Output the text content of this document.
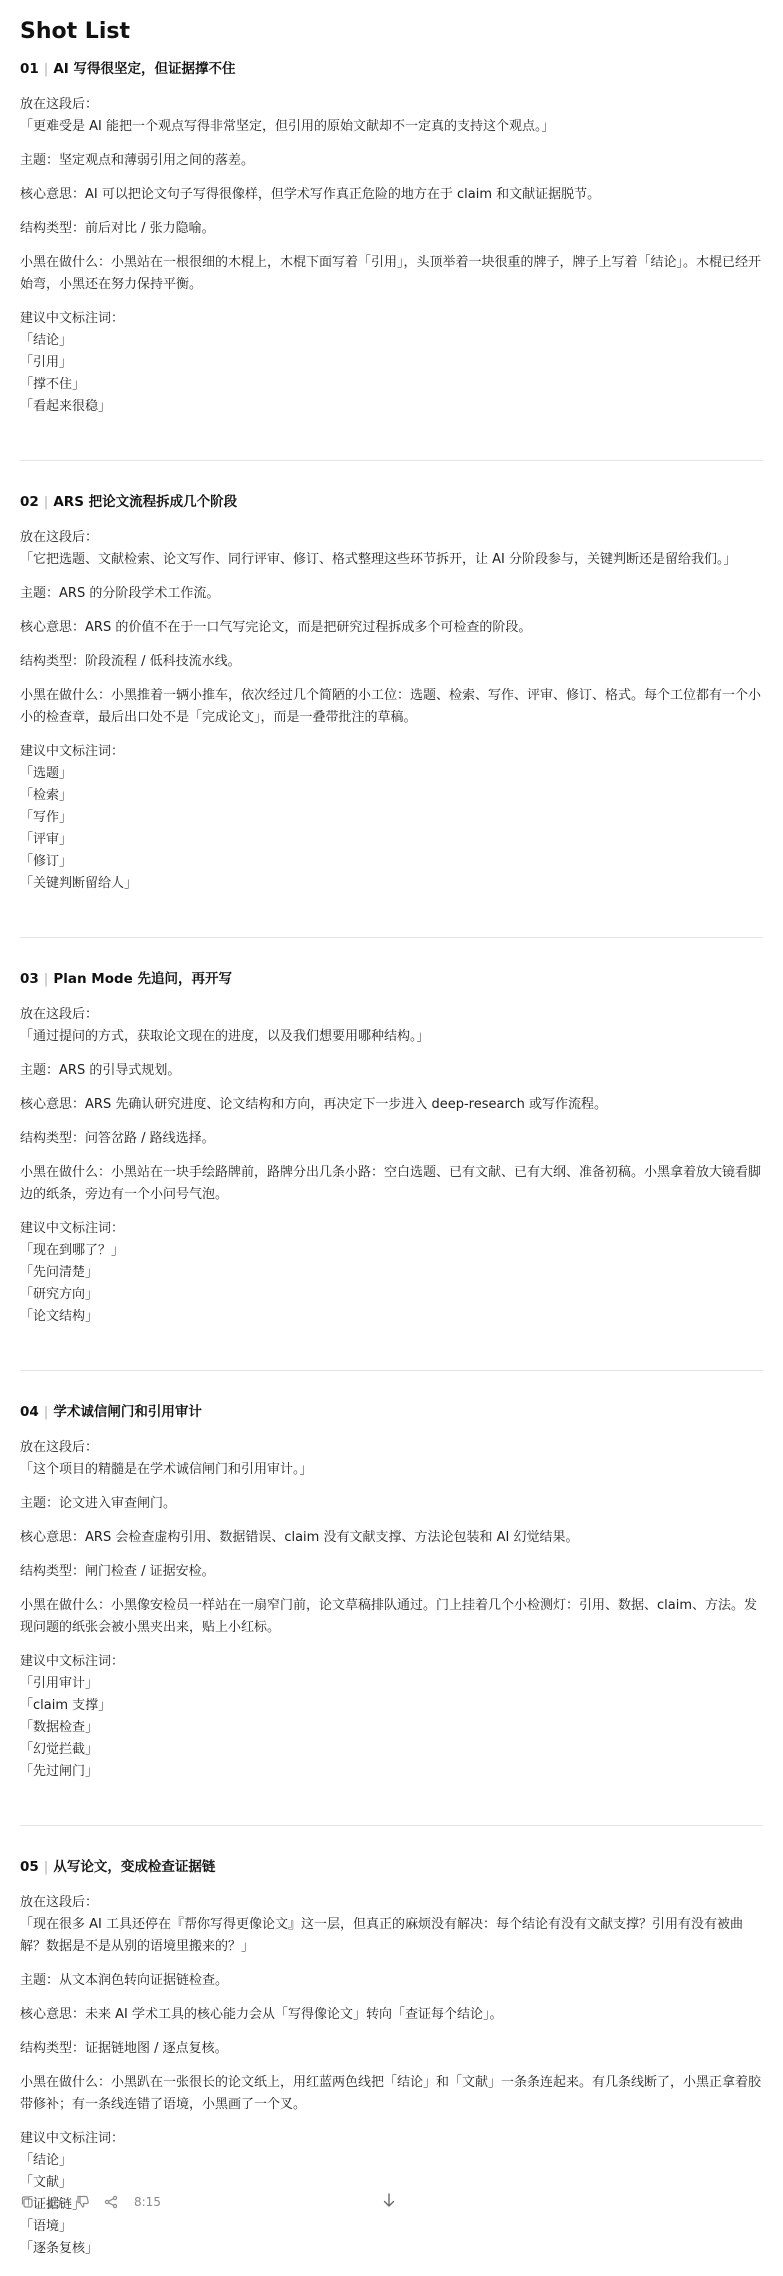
Shot List
01 | AI 写得很坚定，但证据撑不住
放在这段后：
「更难受是 AI 能把一个观点写得非常坚定，但引用的原始文献却不一定真的支持这个观点。」
主题：坚定观点和薄弱引用之间的落差。
核心意思：AI 可以把论文句子写得很像样，但学术写作真正危险的地方在于 claim 和文献证据脱节。
结构类型：前后对比 / 张力隐喻。
小黑在做什么：小黑站在一根很细的木棍上，木棍下面写着「引用」，头顶举着一块很重的牌子，牌子上写着「结论」。木棍已经开始弯，小黑还在努力保持平衡。
建议中文标注词：
「结论」
「引用」
「撑不住」
「看起来很稳」
02 | ARS 把论文流程拆成几个阶段
放在这段后：
「它把选题、文献检索、论文写作、同行评审、修订、格式整理这些环节拆开，让 AI 分阶段参与，关键判断还是留给我们。」
主题：ARS 的分阶段学术工作流。
核心意思：ARS 的价值不在于一口气写完论文，而是把研究过程拆成多个可检查的阶段。
结构类型：阶段流程 / 低科技流水线。
小黑在做什么：小黑推着一辆小推车，依次经过几个简陋的小工位：选题、检索、写作、评审、修订、格式。每个工位都有一个小小的检查章，最后出口处不是「完成论文」，而是一叠带批注的草稿。
建议中文标注词：
「选题」
「检索」
「写作」
「评审」
「修订」
「关键判断留给人」
03 | Plan Mode 先追问，再开写
放在这段后：
「通过提问的方式，获取论文现在的进度，以及我们想要用哪种结构。」
主题：ARS 的引导式规划。
核心意思：ARS 先确认研究进度、论文结构和方向，再决定下一步进入 deep-research 或写作流程。
结构类型：问答岔路 / 路线选择。
小黑在做什么：小黑站在一块手绘路牌前，路牌分出几条小路：空白选题、已有文献、已有大纲、准备初稿。小黑拿着放大镜看脚边的纸条，旁边有一个小问号气泡。
建议中文标注词：
「现在到哪了？」
「先问清楚」
「研究方向」
「论文结构」
04 | 学术诚信闸门和引用审计
放在这段后：
「这个项目的精髓是在学术诚信闸门和引用审计。」
主题：论文进入审查闸门。
核心意思：ARS 会检查虚构引用、数据错误、claim 没有文献支撑、方法论包装和 AI 幻觉结果。
结构类型：闸门检查 / 证据安检。
小黑在做什么：小黑像安检员一样站在一扇窄门前，论文草稿排队通过。门上挂着几个小检测灯：引用、数据、claim、方法。发现问题的纸张会被小黑夹出来，贴上小红标。
建议中文标注词：
「引用审计」
「claim 支撑」
「数据检查」
「幻觉拦截」
「先过闸门」
05 | 从写论文，变成检查证据链
放在这段后：
「现在很多 AI 工具还停在『帮你写得更像论文』这一层，但真正的麻烦没有解决：每个结论有没有文献支撑？引用有没有被曲解？数据是不是从别的语境里搬来的？」
主题：从文本润色转向证据链检查。
核心意思：未来 AI 学术工具的核心能力会从「写得像论文」转向「查证每个结论」。
结构类型：证据链地图 / 逐点复核。
小黑在做什么：小黑趴在一张很长的论文纸上，用红蓝两色线把「结论」和「文献」一条条连起来。有几条线断了，小黑正拿着胶带修补；有一条线连错了语境，小黑画了一个叉。
建议中文标注词：
「结论」
「文献」
「证据链」
「语境」
「逐条复核」
8:15
